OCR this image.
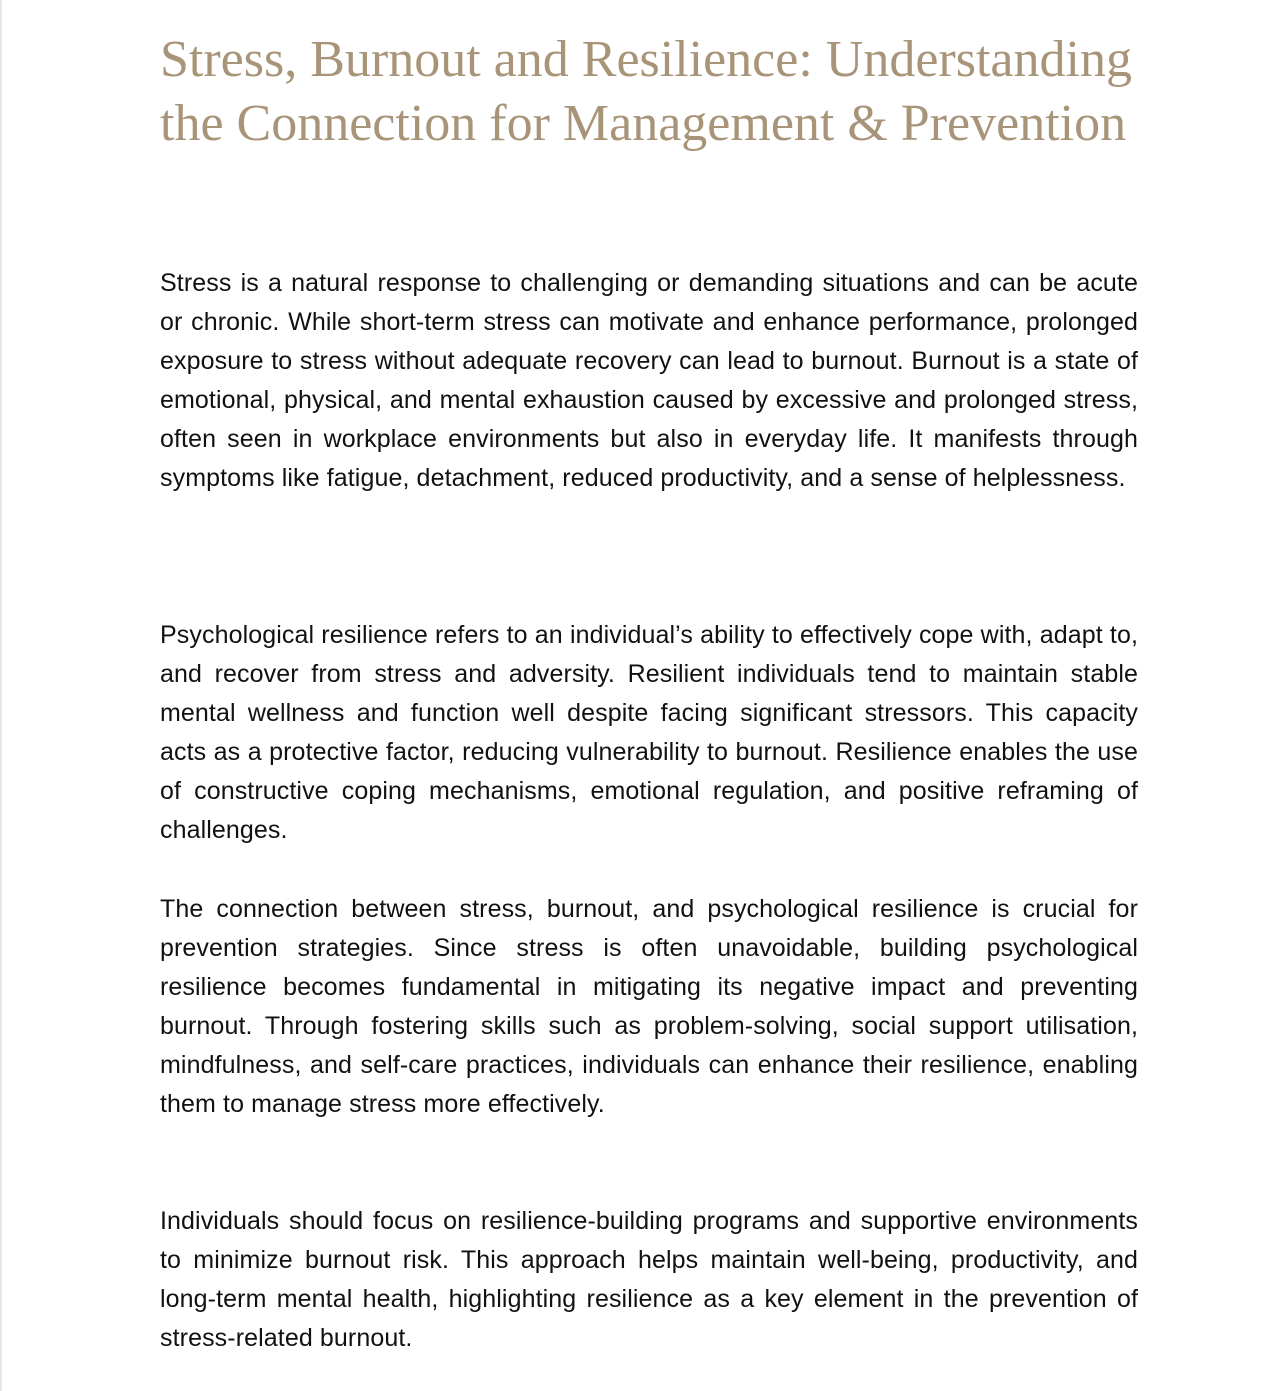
Stress, Burnout and Resilience: Understanding the Connection for Management & Prevention

Stress is a natural response to challenging or demanding situations and can be acute or chronic. While short-term stress can motivate and enhance performance, prolonged exposure to stress without adequate recovery can lead to burnout. Burnout is a state of emotional, physical, and mental exhaustion caused by excessive and prolonged stress, often seen in workplace environments but also in everyday life. It manifests through symptoms like fatigue, detachment, reduced productivity, and a sense of helplessness.

Psychological resilience refers to an individual’s ability to effectively cope with, adapt to, and recover from stress and adversity. Resilient individuals tend to maintain stable mental wellness and function well despite facing significant stressors. This capacity acts as a protective factor, reducing vulnerability to burnout. Resilience enables the use of constructive coping mechanisms, emotional regulation, and positive reframing of challenges.

The connection between stress, burnout, and psychological resilience is crucial for prevention strategies. Since stress is often unavoidable, building psychological resilience becomes fundamental in mitigating its negative impact and preventing burnout. Through fostering skills such as problem-solving, social support utilisation, mindfulness, and self-care practices, individuals can enhance their resilience, enabling them to manage stress more effectively.

Individuals should focus on resilience-building programs and supportive environments to minimize burnout risk. This approach helps maintain well-being, productivity, and long-term mental health, highlighting resilience as a key element in the prevention of stress-related burnout.
